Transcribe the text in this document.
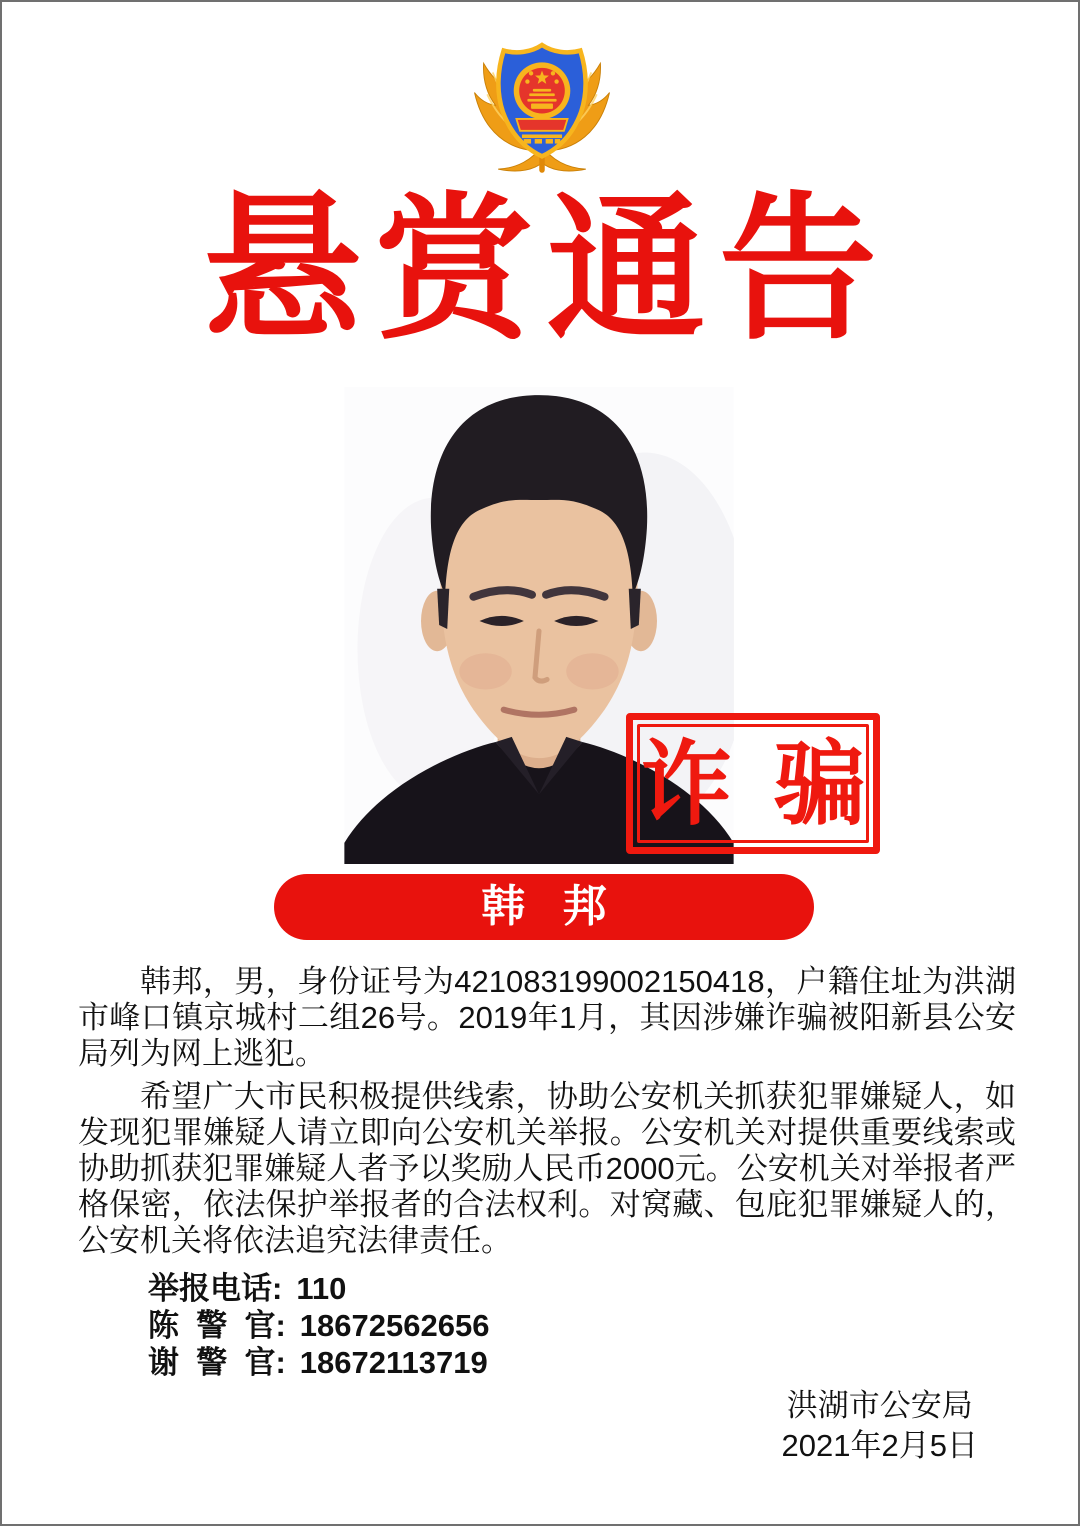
悬赏通告
诈骗
韩邦

韩邦，男，身份证号为421083199002150418，户籍住址为洪湖市峰口镇京城村二组26号。2019年1月，其因涉嫌诈骗被阳新县公安局列为网上逃犯。

希望广大市民积极提供线索，协助公安机关抓获犯罪嫌疑人，如发现犯罪嫌疑人请立即向公安机关举报。公安机关对提供重要线索或协助抓获犯罪嫌疑人者予以奖励人民币2000元。公安机关对举报者严格保密，依法保护举报者的合法权利。对窝藏、包庇犯罪嫌疑人的，公安机关将依法追究法律责任。

举报电话: 110
陈  警  官: 18672562656
谢  警  官: 18672113719
洪湖市公安局
2021年2月5日
